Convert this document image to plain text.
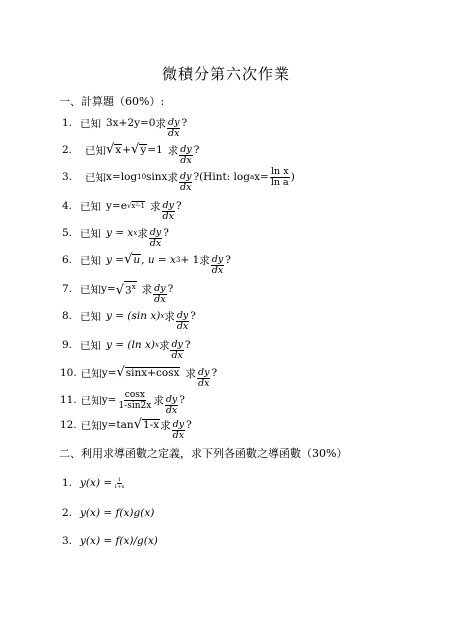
微積分第六次作業
一、計算題（60%）:
1. 已知 3x+2y=0 求 $\frac{dy}{dx}$ ?
2.	已知 √ x + √ y =1 求 $\frac{dy}{dx}$ ?
3.	已知 x=log 10 sinx 求 $\frac{dy}{dx}$ ? (Hint: log a $x= \frac{\text{ln x}}{\text{ln a}}$ )
4. 已知 y=e √x²-1 求 $\frac{dy}{dx}$ ?
5. 已知 y = x x 求 $\frac{dy}{dx}$ ?
6. 已知 y = √ u , u = x 3 + 1 求 $\frac{dy}{dx}$ ?
7. 已知 y= √ 3$^x$ 求 $\frac{dy}{dx}$ ?
8. 已知 y = (sin x) x 求 $\frac{dy}{dx}$ ?
9. 已知 y = (ln x) x 求 $\frac{dy}{dx}$ ?
10. 已知 y= √ sinx+cosx 求 $\frac{dy}{dx}$ ?
11. 已知 $y= \frac{\cos x}{1-\sin 2x}$ 求 $\frac{dy}{dx}$ ?
12. 已知 y=tan √ 1-x 求 $\frac{dy}{dx}$ ?
二、利用求導函數之定義，求下列各函數之導函數（30%）
1. $y(x) = \frac{1}{1+x}$
2. y(x) = f(x)g(x)
3. y(x) = f(x)/g(x)
